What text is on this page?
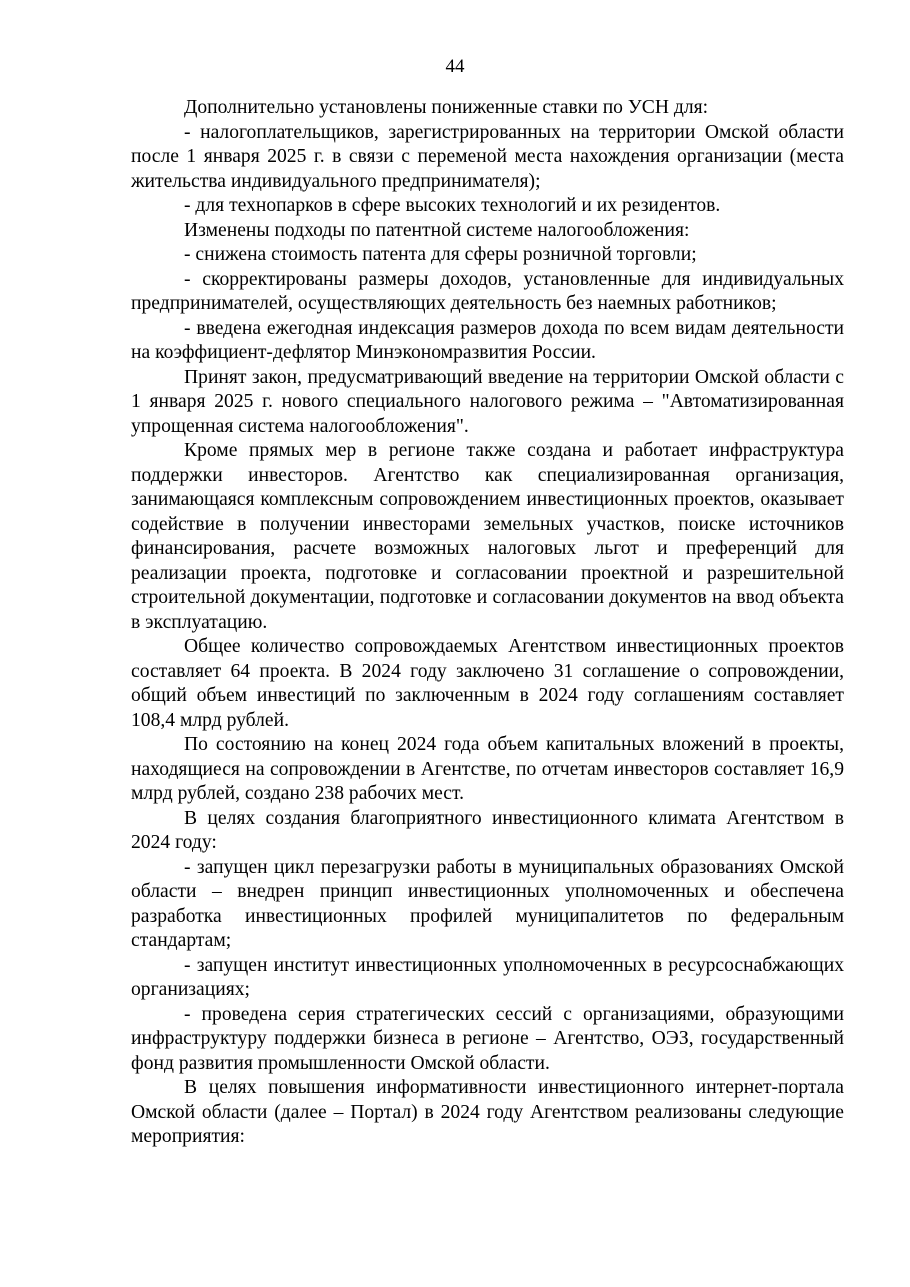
44

Дополнительно установлены пониженные ставки по УСН для:

- налогоплательщиков, зарегистрированных на территории Омской области после 1 января 2025 г. в связи с переменой места нахождения организации (места жительства индивидуального предпринимателя);

- для технопарков в сфере высоких технологий и их резидентов.

Изменены подходы по патентной системе налогообложения:

- снижена стоимость патента для сферы розничной торговли;

- скорректированы размеры доходов, установленные для индивидуальных предпринимателей, осуществляющих деятельность без наемных работников;

- введена ежегодная индексация размеров дохода по всем видам деятельности на коэффициент-дефлятор Минэкономразвития России.

Принят закон, предусматривающий введение на территории Омской области с 1 января 2025 г. нового специального налогового режима – "Автоматизированная упрощенная система налогообложения".

Кроме прямых мер в регионе также создана и работает инфраструктура поддержки инвесторов. Агентство как специализированная организация, занимающаяся комплексным сопровождением инвестиционных проектов, оказывает содействие в получении инвесторами земельных участков, поиске источников финансирования, расчете возможных налоговых льгот и преференций для реализации проекта, подготовке и согласовании проектной и разрешительной строительной документации, подготовке и согласовании документов на ввод объекта в эксплуатацию.

Общее количество сопровождаемых Агентством инвестиционных проектов составляет 64 проекта. В 2024 году заключено 31 соглашение о сопровождении, общий объем инвестиций по заключенным в 2024 году соглашениям составляет 108,4 млрд рублей.

По состоянию на конец 2024 года объем капитальных вложений в проекты, находящиеся на сопровождении в Агентстве, по отчетам инвесторов составляет 16,9 млрд рублей, создано 238 рабочих мест.

В целях создания благоприятного инвестиционного климата Агентством в 2024 году:

- запущен цикл перезагрузки работы в муниципальных образованиях Омской области – внедрен принцип инвестиционных уполномоченных и обеспечена разработка инвестиционных профилей муниципалитетов по федеральным стандартам;

- запущен институт инвестиционных уполномоченных в ресурсоснабжающих организациях;

- проведена серия стратегических сессий с организациями, образующими инфраструктуру поддержки бизнеса в регионе – Агентство, ОЭЗ, государственный фонд развития промышленности Омской области.

В целях повышения информативности инвестиционного интернет-портала Омской области (далее – Портал) в 2024 году Агентством реализованы следующие мероприятия:
